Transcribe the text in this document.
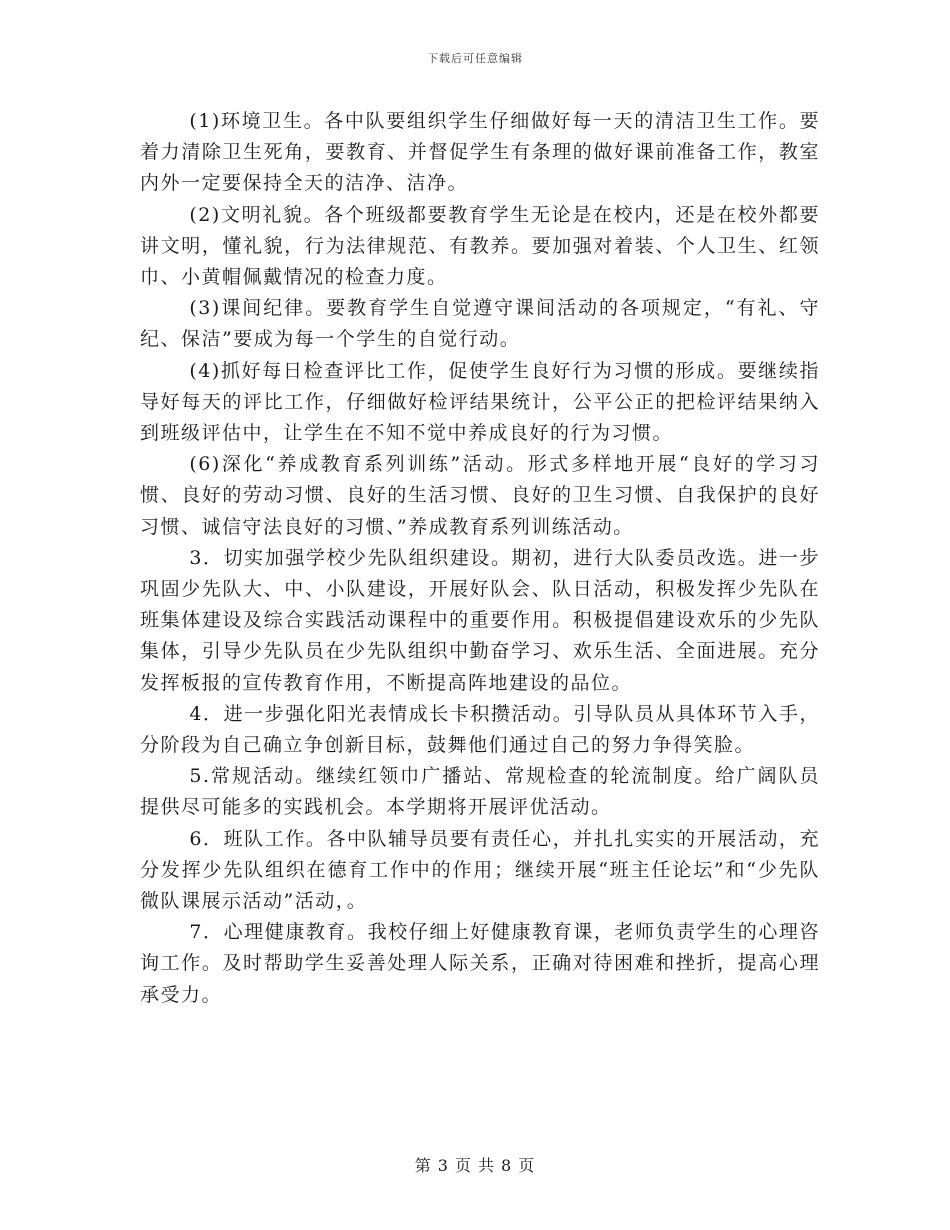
下载后可任意编辑

(1)环境卫生。各中队要组织学生仔细做好每一天的清洁卫生工作。要着力清除卫生死角，要教育、并督促学生有条理的做好课前准备工作，教室内外一定要保持全天的洁净、洁净。

(2)文明礼貌。各个班级都要教育学生无论是在校内，还是在校外都要讲文明，懂礼貌，行为法律规范、有教养。要加强对着装、个人卫生、红领巾、小黄帽佩戴情况的检查力度。

(3)课间纪律。要教育学生自觉遵守课间活动的各项规定，“有礼、守纪、保洁”要成为每一个学生的自觉行动。

(4)抓好每日检查评比工作，促使学生良好行为习惯的形成。要继续指导好每天的评比工作，仔细做好检评结果统计，公平公正的把检评结果纳入到班级评估中，让学生在不知不觉中养成良好的行为习惯。

(6)深化“养成教育系列训练”活动。形式多样地开展“良好的学习习惯、良好的劳动习惯、良好的生活习惯、良好的卫生习惯、自我保护的良好习惯、诚信守法良好的习惯、”养成教育系列训练活动。

3．切实加强学校少先队组织建设。期初，进行大队委员改选。进一步巩固少先队大、中、小队建设，开展好队会、队日活动，积极发挥少先队在班集体建设及综合实践活动课程中的重要作用。积极提倡建设欢乐的少先队集体，引导少先队员在少先队组织中勤奋学习、欢乐生活、全面进展。充分发挥板报的宣传教育作用，不断提高阵地建设的品位。

4．进一步强化阳光表情成长卡积攒活动。引导队员从具体环节入手，分阶段为自己确立争创新目标，鼓舞他们通过自己的努力争得笑脸。

5.常规活动。继续红领巾广播站、常规检查的轮流制度。给广阔队员提供尽可能多的实践机会。本学期将开展评优活动。

6．班队工作。各中队辅导员要有责任心，并扎扎实实的开展活动，充分发挥少先队组织在德育工作中的作用；继续开展“班主任论坛”和“少先队微队课展示活动”活动，。

7．心理健康教育。我校仔细上好健康教育课，老师负责学生的心理咨询工作。及时帮助学生妥善处理人际关系，正确对待困难和挫折，提高心理承受力。

第 3 页 共 8 页
